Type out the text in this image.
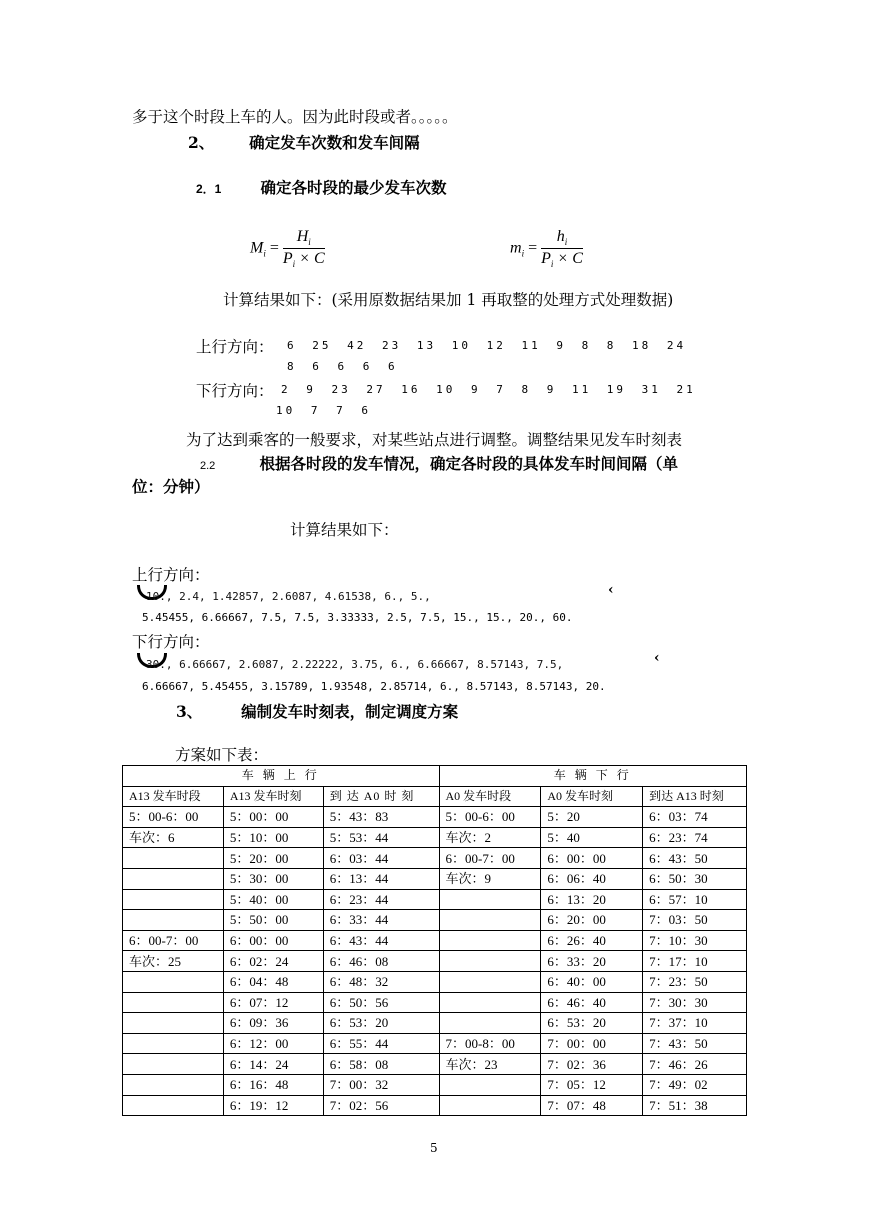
多于这个时段上车的人。因为此时段或者。。。。。
2、 确定发车次数和发车间隔
2．1	确定各时段的最少发车次数
$M_i = \frac{H_i}{P_i \times C}$	$m_i = \frac{h_i}{P_i \times C}$
计算结果如下：(采用原数据结果加 1 再取整的处理方式处理数据)
上行方向： 6 25 42 23 13 10 12 11 9 8 8 18 24
8 6 6 6 6
下行方向： 2 9 23 27 16 10 9 7 8 9 11 19 31 21
10 7 7 6
为了达到乘客的一般要求，对某些站点进行调整。调整结果见发车时刻表
2.2	根据各时段的发车情况，确定各时段的具体发车时间间隔（单
位：分钟）
计算结果如下：
上行方向：
10., 2.4, 1.42857, 2.6087, 4.61538, 6., 5.,	‹
5.45455, 6.66667, 7.5, 7.5, 3.33333, 2.5, 7.5, 15., 15., 20., 60.
下行方向：
30., 6.66667, 2.6087, 2.22222, 3.75, 6., 6.66667, 8.57143, 7.5,	‹
6.66667, 5.45455, 3.15789, 1.93548, 2.85714, 6., 8.57143, 8.57143, 20.
3、	编制发车时刻表，制定调度方案
方案如下表：
车辆上行			车辆下行		
A13 发车时段	A13 发车时刻	到 达 A0 时 刻	A0 发车时段	A0 发车时刻	到达 A13 时刻
5：00-6：00	5：00：00	5：43：83	5：00-6：00	5：20	6：03：74
车次：6	5：10：00	5：53：44	车次：2	5：40	6：23：74
	5：20：00	6：03：44	6：00-7：00	6：00：00	6：43：50
	5：30：00	6：13：44	车次：9	6：06：40	6：50：30
	5：40：00	6：23：44		6：13：20	6：57：10
	5：50：00	6：33：44		6：20：00	7：03：50
6：00-7：00	6：00：00	6：43：44		6：26：40	7：10：30
车次：25	6：02：24	6：46：08		6：33：20	7：17：10
	6：04：48	6：48：32		6：40：00	7：23：50
	6：07：12	6：50：56		6：46：40	7：30：30
	6：09：36	6：53：20		6：53：20	7：37：10
	6：12：00	6：55：44	7：00-8：00	7：00：00	7：43：50
	6：14：24	6：58：08	车次：23	7：02：36	7：46：26
	6：16：48	7：00：32		7：05：12	7：49：02
	6：19：12	7：02：56		7：07：48	7：51：38
5
